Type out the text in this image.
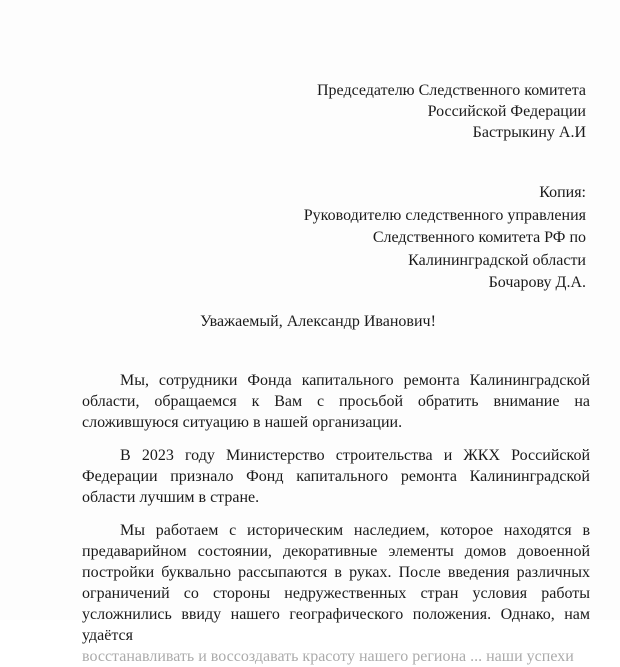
Председателю Следственного комитета
Российской Федерации
Бастрыкину А.И
Копия:
Руководителю следственного управления
Следственного комитета РФ по
Калининградской области
Бочарову Д.А.
Уважаемый, Александр Иванович!

Мы, сотрудники Фонда капитального ремонта Калининградской области, обращаемся к Вам с просьбой обратить внимание на сложившуюся ситуацию в нашей организации.

В 2023 году Министерство строительства и ЖКХ Российской Федерации признало Фонд капитального ремонта Калининградской области лучшим в стране.

Мы работаем с историческим наследием, которое находятся в предаварийном состоянии, декоративные элементы домов довоенной постройки буквально рассыпаются в руках. После введения различных ограничений со стороны недружественных стран условия работы усложнились ввиду нашего географического положения. Однако, нам удаётся

восстанавливать и воссоздавать красоту нашего региона ... наши успехи
